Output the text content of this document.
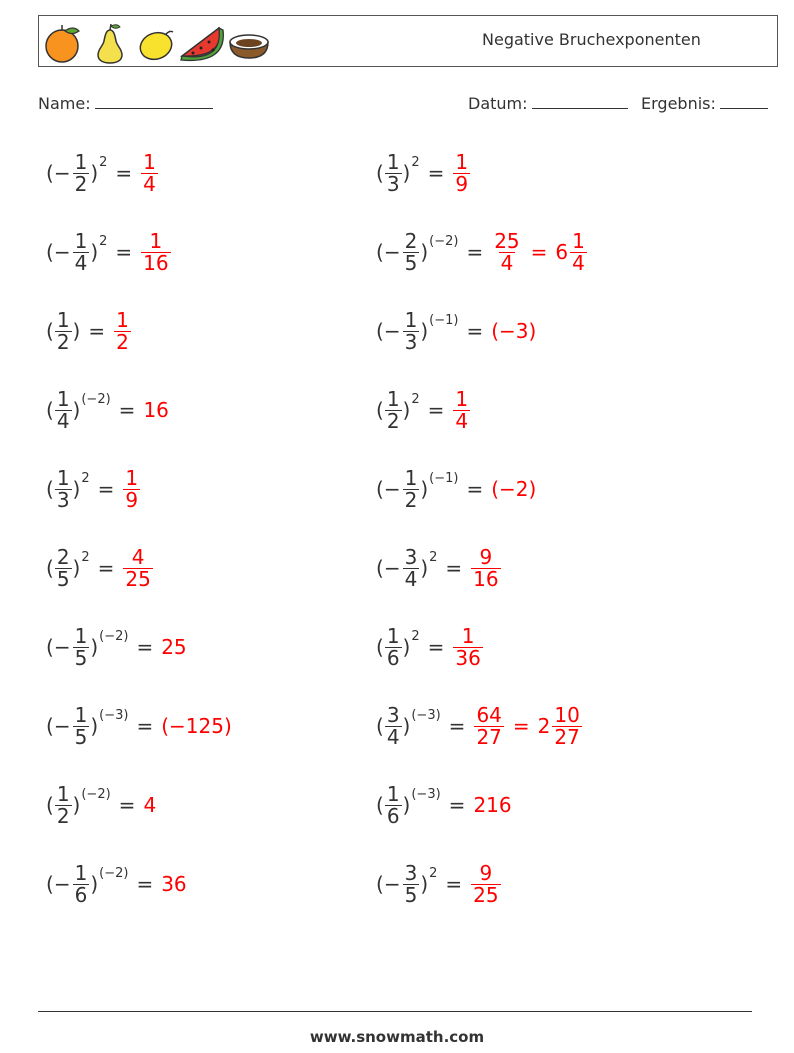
Negative Bruchexponenten
Name:	Datum:	Ergebnis:
( − $\frac{1}{2}$ ) $2 = \frac{1}{4}$	( $\frac{1}{3}$ ) $2 = \frac{1}{9}$
( − $\frac{1}{4}$ ) $2 = \frac{1}{16}$	( − $\frac{2}{5}$ ) $(-2) = \frac{25}{4} = 6 \frac{1}{4}$
( $\frac{1}{2}$ ) = $\frac{1}{2}$	( − $\frac{1}{3}$ ) (−1) = (−3)
( $\frac{1}{4}$ ) (−2) = 16	( $\frac{1}{2}$ ) $2 = \frac{1}{4}$
( $\frac{1}{3}$ ) $2 = \frac{1}{9}$	( − $\frac{1}{2}$ ) (−1) = (−2)
( $\frac{2}{5}$ ) $2 = \frac{4}{25}$	( − $\frac{3}{4}$ ) $2 = \frac{9}{16}$
( − $\frac{1}{5}$ ) (−2) = 25	( $\frac{1}{6}$ ) $2 = \frac{1}{36}$
( − $\frac{1}{5}$ ) (−3) = (−125)	( $\frac{3}{4}$ ) $(-3) = \frac{64}{27} = 2 \frac{10}{27}$
( $\frac{1}{2}$ ) (−2) = 4	( $\frac{1}{6}$ ) (−3) = 216
( − $\frac{1}{6}$ ) (−2) = 36	( − $\frac{3}{5}$ ) $2 = \frac{9}{25}$
www.snowmath.com
